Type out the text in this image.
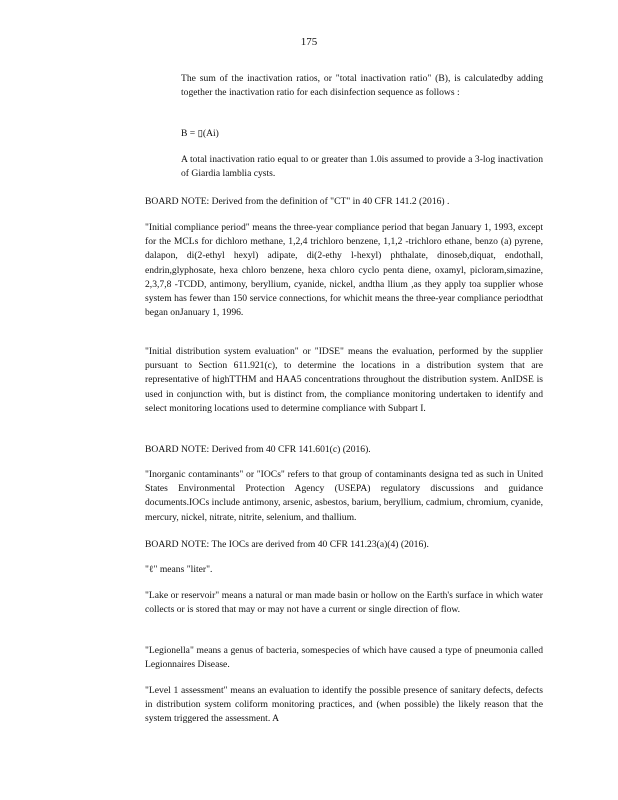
175

The sum of the inactivation ratios, or "total inactivation ratio" (B), is calculatedby adding together the inactivation ratio for each disinfection sequence as follows :

B = ▯(Ai)

A total inactivation ratio equal to or greater than 1.0is assumed to provide a 3-log inactivation of Giardia lamblia cysts.

BOARD NOTE: Derived from the definition of "CT" in 40 CFR 141.2 (2016) .

"Initial compliance period" means the three-year compliance period that began January 1, 1993, except for the MCLs for dichloro methane, 1,2,4 trichloro benzene, 1,1,2 -trichloro ethane, benzo (a) pyrene, dalapon, di(2-ethyl hexyl) adipate, di(2-ethy l-hexyl) phthalate, dinoseb,diquat, endothall, endrin,glyphosate, hexa chloro benzene, hexa chloro cyclo penta diene, oxamyl, picloram,simazine, 2,3,7,8 -TCDD, antimony, beryllium, cyanide, nickel, andtha llium ,as they apply toa supplier whose system has fewer than 150 service connections, for whichit means the three-year compliance periodthat began onJanuary 1, 1996.

"Initial distribution system evaluation" or "IDSE" means the evaluation, performed by the supplier pursuant to Section 611.921(c), to determine the locations in a distribution system that are representative of highTTHM and HAA5 concentrations throughout the distribution system. AnIDSE is used in conjunction with, but is distinct from, the compliance monitoring undertaken to identify and select monitoring locations used to determine compliance with Subpart I.

BOARD NOTE: Derived from 40 CFR 141.601(c) (2016).

"Inorganic contaminants" or "IOCs" refers to that group of contaminants designa ted as such in United States Environmental Protection Agency (USEPA) regulatory discussions and guidance documents.IOCs include antimony, arsenic, asbestos, barium, beryllium, cadmium, chromium, cyanide, mercury, nickel, nitrate, nitrite, selenium, and thallium.

BOARD NOTE: The IOCs are derived from 40 CFR 141.23(a)(4) (2016).

"ℓ" means "liter".

"Lake or reservoir" means a natural or man made basin or hollow on the Earth's surface in which water collects or is stored that may or may not have a current or single direction of flow.

"Legionella" means a genus of bacteria, somespecies of which have caused a type of pneumonia called Legionnaires Disease.

"Level 1 assessment" means an evaluation to identify the possible presence of sanitary defects, defects in distribution system coliform monitoring practices, and (when possible) the likely reason that the system triggered the assessment. A
